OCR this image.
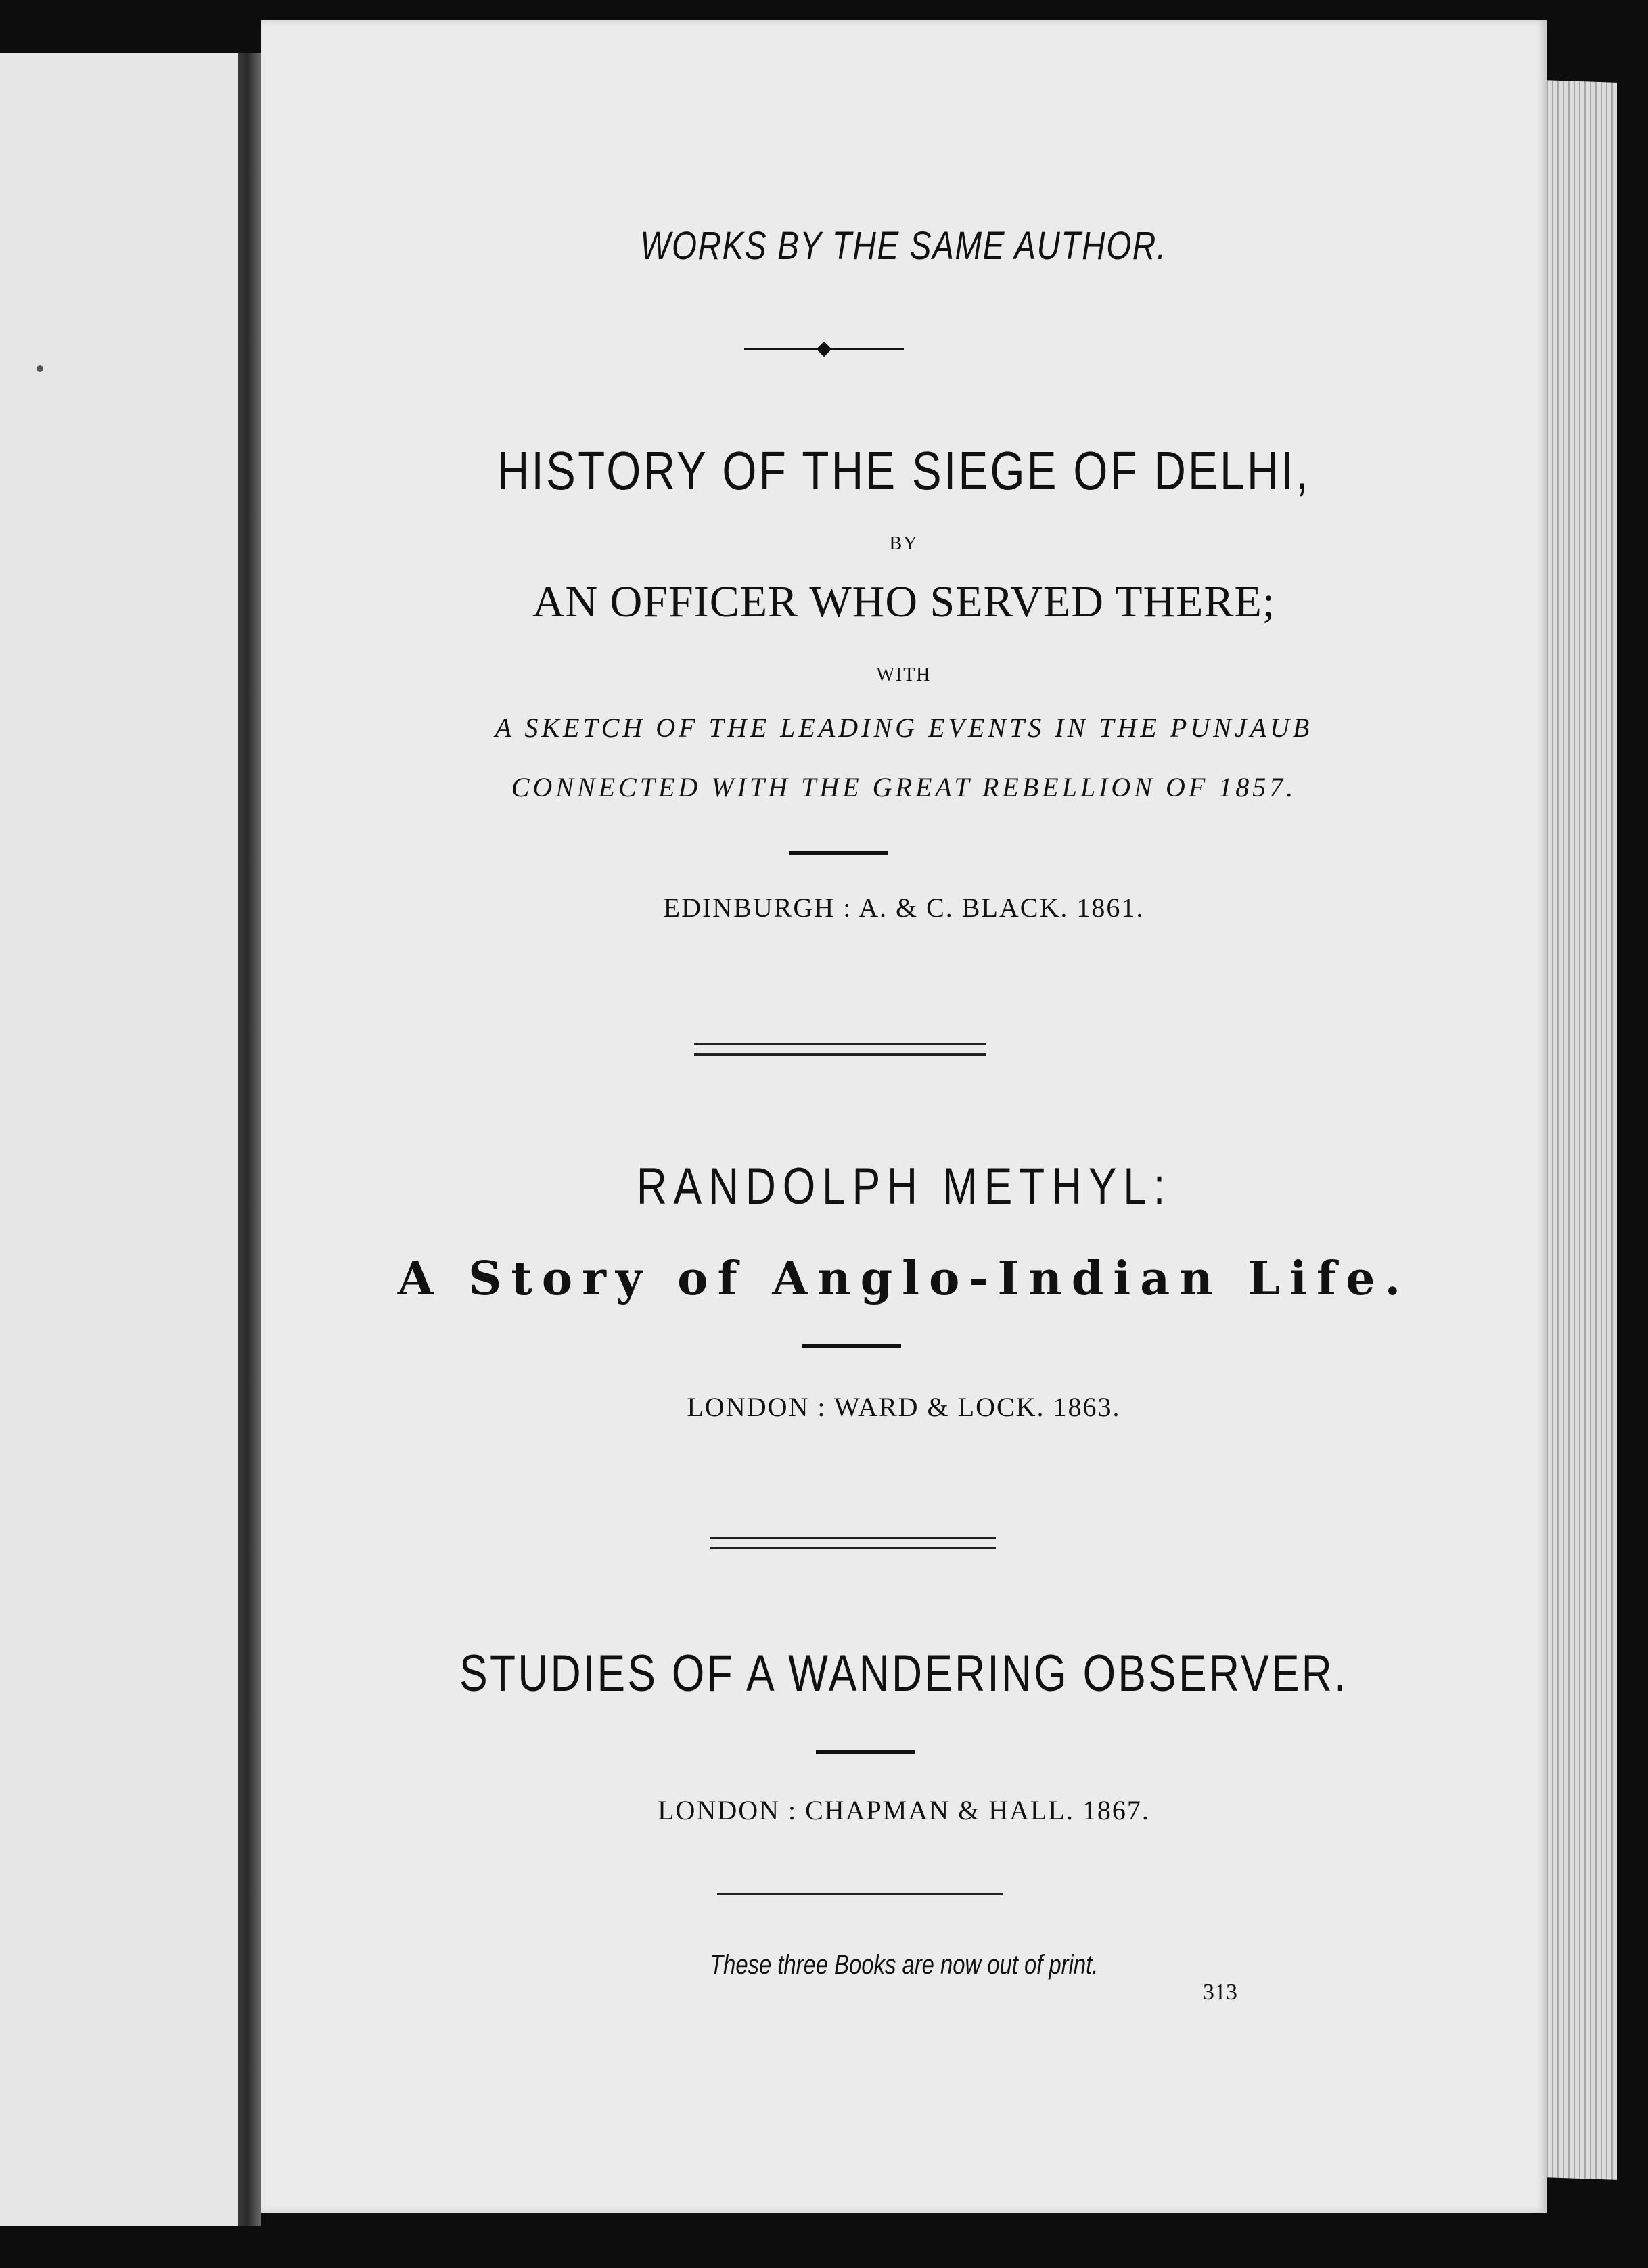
WORKS BY THE SAME AUTHOR.
HISTORY OF THE SIEGE OF DELHI,
BY
AN OFFICER WHO SERVED THERE;
WITH
A SKETCH OF THE LEADING EVENTS IN THE PUNJAUB
CONNECTED WITH THE GREAT REBELLION OF 1857.
EDINBURGH : A. & C. BLACK. 1861.
RANDOLPH METHYL:
A Story of Anglo-Indian Life.
LONDON : WARD & LOCK. 1863.
STUDIES OF A WANDERING OBSERVER.
LONDON : CHAPMAN & HALL. 1867.
These three Books are now out of print.
313
